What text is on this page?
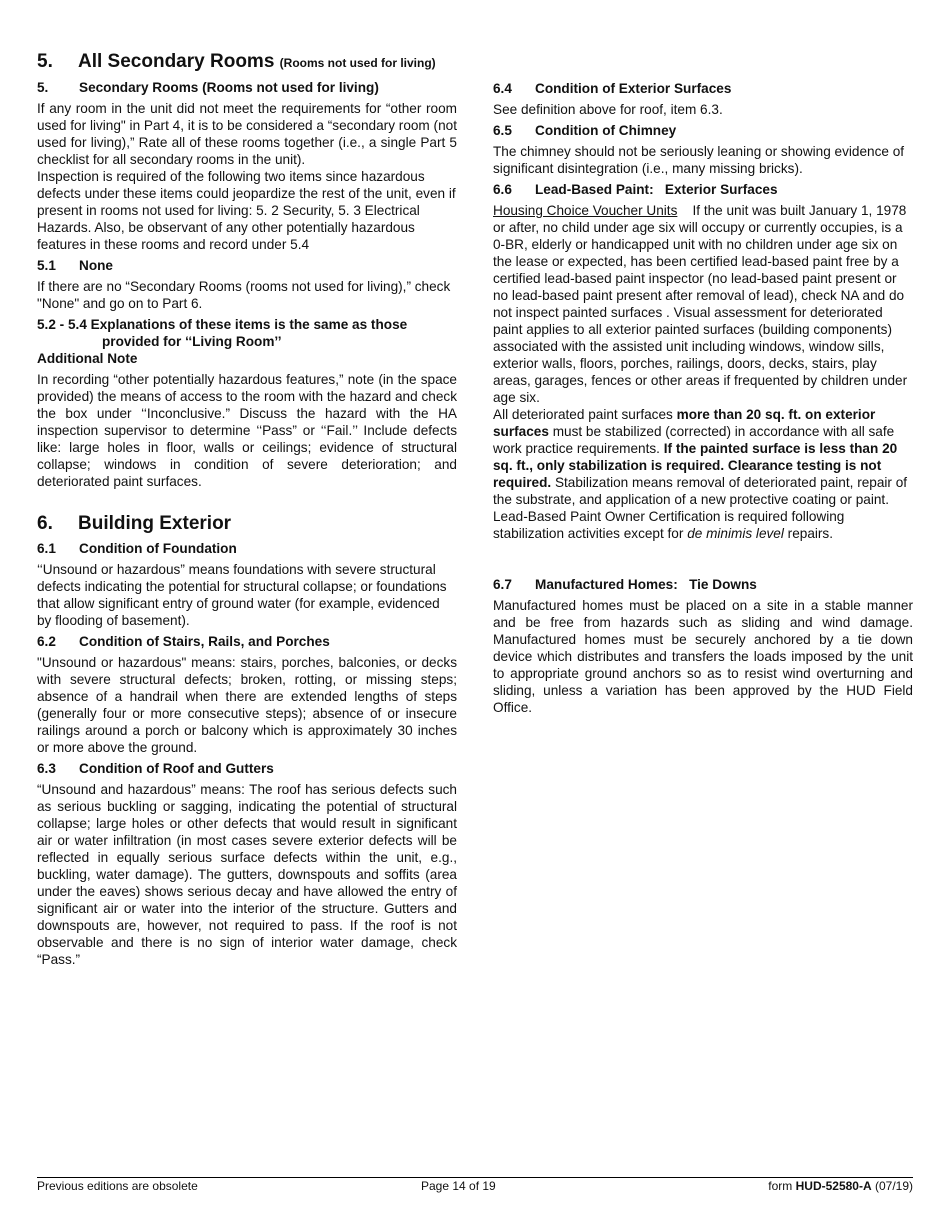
5. All Secondary Rooms (Rooms not used for living)
5. Secondary Rooms (Rooms not used for living)

If any room in the unit did not meet the requirements for “other room used for living" in Part 4, it is to be considered a “secondary room (not used for living),” Rate all of these rooms together (i.e., a single Part 5 checklist for all secondary rooms in the unit).

Inspection is required of the following two items since hazardous defects under these items could jeopardize the rest of the unit, even if present in rooms not used for living: 5. 2 Security, 5. 3 Electrical Hazards. Also, be observant of any other potentially hazardous features in these rooms and record under 5.4

5.1 None

If there are no “Secondary Rooms (rooms not used for living),” check "None" and go on to Part 6.

5.2 - 5.4 Explanations of these items is the same as those
provided for ‘‘Living Room’’
Additional Note

In recording “other potentially hazardous features,” note (in the space provided) the means of access to the room with the hazard and check the box under ‘‘Inconclusive.” Discuss the hazard with the HA inspection supervisor to determine ‘‘Pass” or ‘‘Fail.’’ Include defects like: large holes in floor, walls or ceilings; evidence of structural collapse; windows in condition of severe deterioration; and deteriorated paint surfaces.

6. Building Exterior
6.1 Condition of Foundation

‘‘Unsound or hazardous” means foundations with severe structural defects indicating the potential for structural collapse; or foundations that allow significant entry of ground water (for example, evidenced by flooding of basement).

6.2 Condition of Stairs, Rails, and Porches

"Unsound or hazardous" means: stairs, porches, balconies, or decks with severe structural defects; broken, rotting, or missing steps; absence of a handrail when there are extended lengths of steps (generally four or more consecutive steps); absence of or insecure railings around a porch or balcony which is approximately 30 inches or more above the ground.

6.3 Condition of Roof and Gutters

“Unsound and hazardous” means: The roof has serious defects such as serious buckling or sagging, indicating the potential of structural collapse; large holes or other defects that would result in significant air or water infiltration (in most cases severe exterior defects will be reflected in equally serious surface defects within the unit, e.g., buckling, water damage). The gutters, downspouts and soffits (area under the eaves) shows serious decay and have allowed the entry of significant air or water into the interior of the structure. Gutters and downspouts are, however, not required to pass. If the roof is not observable and there is no sign of interior water damage, check “Pass.”

6.4 Condition of Exterior Surfaces

See definition above for roof, item 6.3.

6.5 Condition of Chimney

The chimney should not be seriously leaning or showing evidence of significant disintegration (i.e., many missing bricks).

6.6 Lead-Based Paint:   Exterior Surfaces

Housing Choice Voucher Units If the unit was built January 1, 1978 or after, no child under age six will occupy or currently occupies, is a 0-BR, elderly or handicapped unit with no children under age six on the lease or expected, has been certified lead-based paint free by a certified lead-based paint inspector (no lead-based paint present or no lead-based paint present after removal of lead), check NA and do not inspect painted surfaces . Visual assessment for deteriorated paint applies to all exterior painted surfaces (building components) associated with the assisted unit including windows, window sills, exterior walls, floors, porches, railings, doors, decks, stairs, play areas, garages, fences or other areas if frequented by children under age six.

All deteriorated paint surfaces more than 20 sq. ft. on exterior surfaces must be stabilized (corrected) in accordance with all safe work practice requirements. If the painted surface is less than 20 sq. ft., only stabilization is required. Clearance testing is not required. Stabilization means removal of deteriorated paint, repair of the substrate, and application of a new protective coating or paint. Lead-Based Paint Owner Certification is required following stabilization activities except for de minimis level repairs.

6.7 Manufactured Homes:   Tie Downs

Manufactured homes must be placed on a site in a stable manner and be free from hazards such as sliding and wind damage. Manufactured homes must be securely anchored by a tie down device which distributes and transfers the loads imposed by the unit to appropriate ground anchors so as to resist wind overturning and sliding, unless a variation has been approved by the HUD Field Office.

Previous editions are obsolete	Page 14 of 19	form HUD-52580-A (07/19)
